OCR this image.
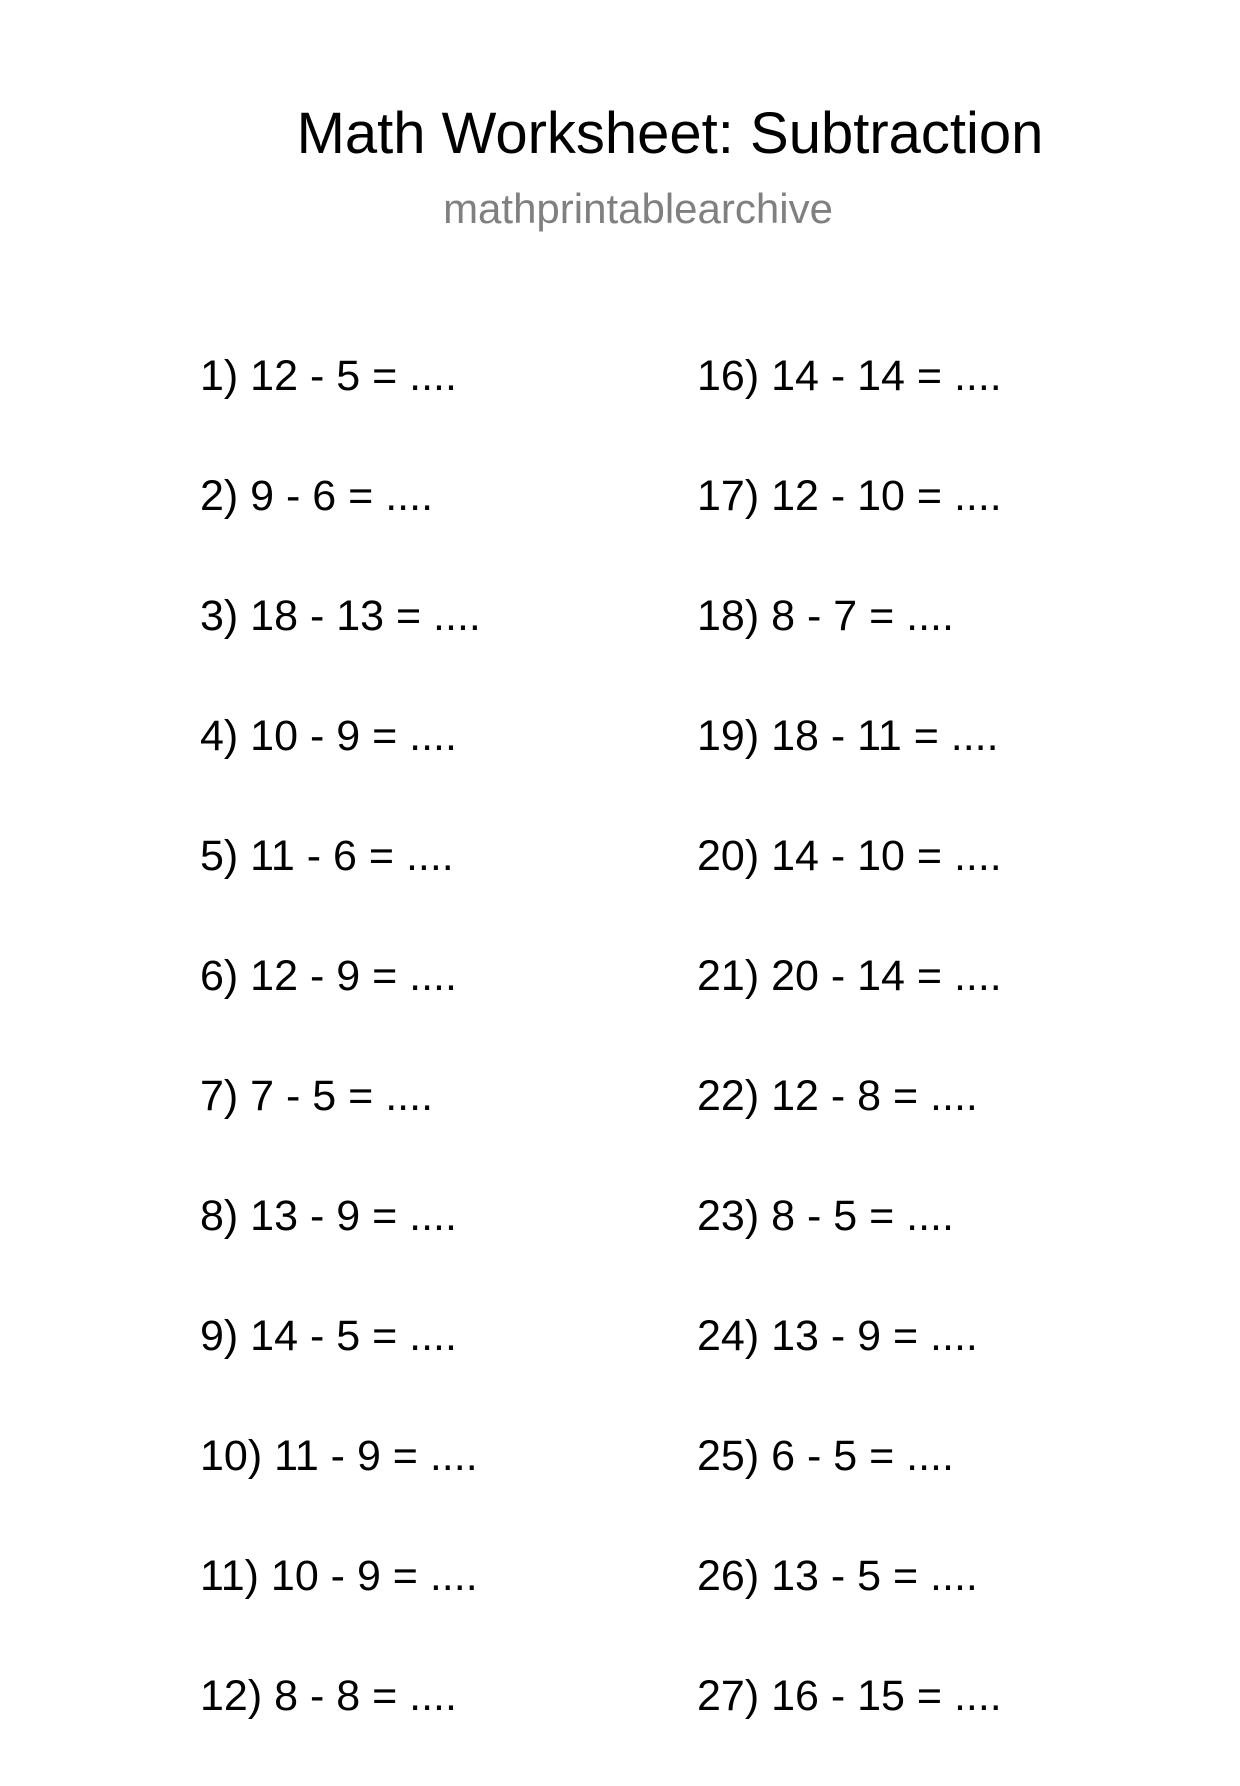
Math Worksheet: Subtraction
mathprintablearchive
1) 12 - 5 = ....
2) 9 - 6 = ....
3) 18 - 13 = ....
4) 10 - 9 = ....
5) 11 - 6 = ....
6) 12 - 9 = ....
7) 7 - 5 = ....
8) 13 - 9 = ....
9) 14 - 5 = ....
10) 11 - 9 = ....
11) 10 - 9 = ....
12) 8 - 8 = ....
16) 14 - 14 = ....
17) 12 - 10 = ....
18) 8 - 7 = ....
19) 18 - 11 = ....
20) 14 - 10 = ....
21) 20 - 14 = ....
22) 12 - 8 = ....
23) 8 - 5 = ....
24) 13 - 9 = ....
25) 6 - 5 = ....
26) 13 - 5 = ....
27) 16 - 15 = ....
